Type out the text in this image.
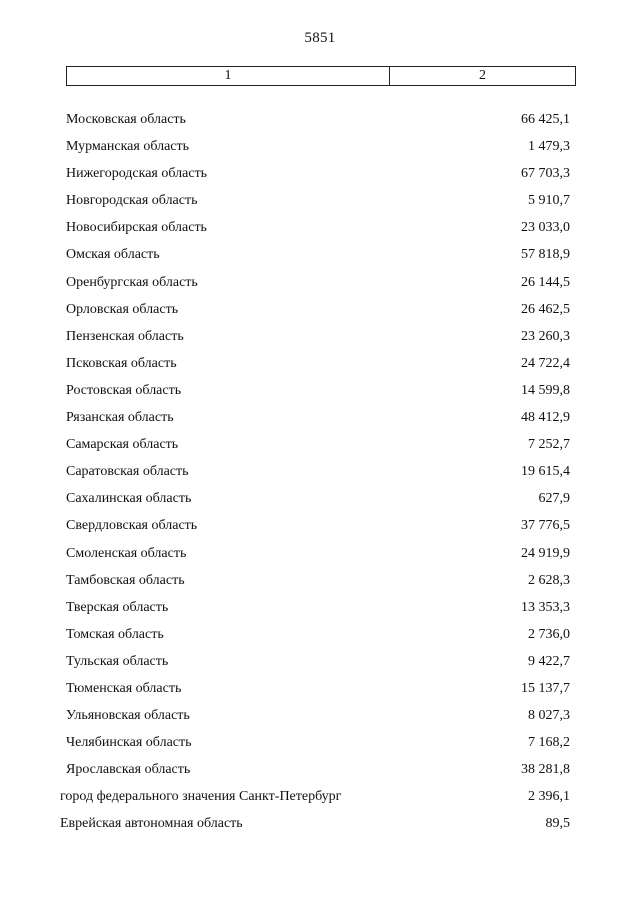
5851
1	2
Московская область	66 425,1
Мурманская область	1 479,3
Нижегородская область	67 703,3
Новгородская область	5 910,7
Новосибирская область	23 033,0
Омская область	57 818,9
Оренбургская область	26 144,5
Орловская область	26 462,5
Пензенская область	23 260,3
Псковская область	24 722,4
Ростовская область	14 599,8
Рязанская область	48 412,9
Самарская область	7 252,7
Саратовская область	19 615,4
Сахалинская область	627,9
Свердловская область	37 776,5
Смоленская область	24 919,9
Тамбовская область	2 628,3
Тверская область	13 353,3
Томская область	2 736,0
Тульская область	9 422,7
Тюменская область	15 137,7
Ульяновская область	8 027,3
Челябинская область	7 168,2
Ярославская область	38 281,8
город федерального значения Санкт-Петербург	2 396,1
Еврейская автономная область	89,5
